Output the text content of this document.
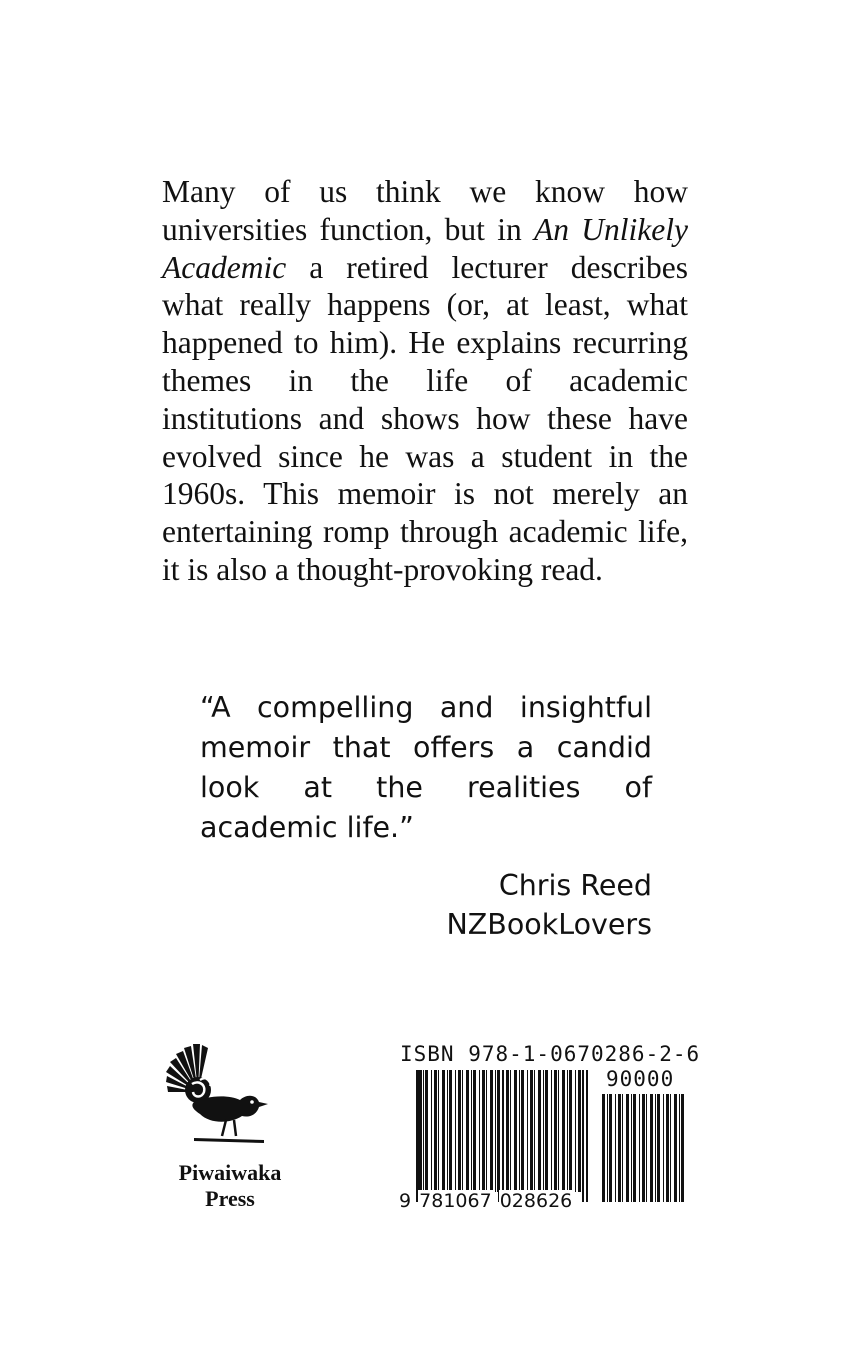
Many of us think we know how universities function, but in An Unlikely Academic a retired lecturer describes what really happens (or, at least, what happened to him). He explains recurring themes in the life of academic institutions and shows how these have evolved since he was a student in the 1960s. This memoir is not merely an entertaining romp through academic life, it is also a thought-provoking read.
“A compelling and insightful memoir that offers a candid look at the realities of academic life.”
Chris Reed
NZBookLovers
Piwaiwaka
Press
ISBN 978-1-0670286-2-6
90000
9 781067 028626
